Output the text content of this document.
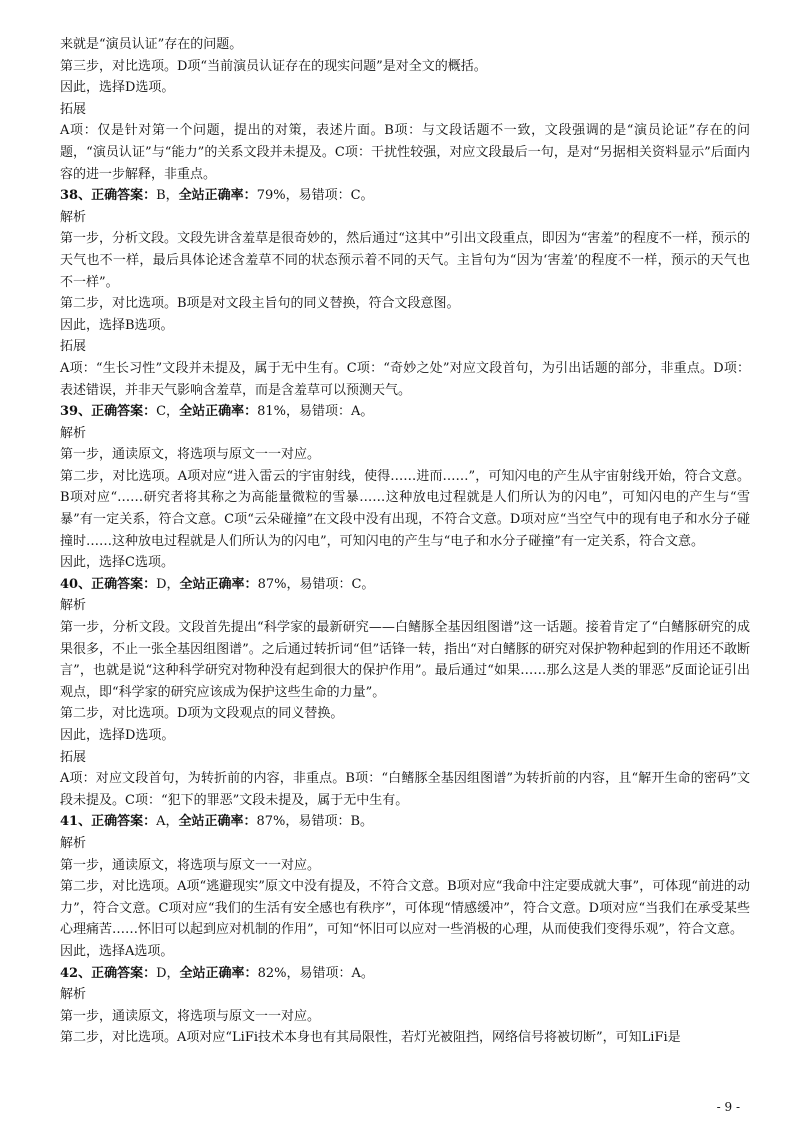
来就是“演员认证”存在的问题。
第三步，对比选项。D项“当前演员认证存在的现实问题”是对全文的概括。
因此，选择D选项。
拓展
A项：仅是针对第一个问题，提出的对策，表述片面。B项：与文段话题不一致，文段强调的是“演员论证”存在的问题，“演员认证”与“能力”的关系文段并未提及。C项：干扰性较强，对应文段最后一句，是对“另据相关资料显示”后面内容的进一步解释，非重点。
38、正确答案：B，全站正确率：79%，易错项：C。
解析
第一步，分析文段。文段先讲含羞草是很奇妙的，然后通过“这其中”引出文段重点，即因为“害羞”的程度不一样，预示的天气也不一样，最后具体论述含羞草不同的状态预示着不同的天气。主旨句为“因为‘害羞’的程度不一样，预示的天气也不一样”。
第二步，对比选项。B项是对文段主旨句的同义替换，符合文段意图。
因此，选择B选项。
拓展
A项：“生长习性”文段并未提及，属于无中生有。C项：“奇妙之处”对应文段首句，为引出话题的部分，非重点。D项：表述错误，并非天气影响含羞草，而是含羞草可以预测天气。
39、正确答案：C，全站正确率：81%，易错项：A。
解析
第一步，通读原文，将选项与原文一一对应。
第二步，对比选项。A项对应“进入雷云的宇宙射线，使得……进而……”，可知闪电的产生从宇宙射线开始，符合文意。B项对应“……研究者将其称之为高能量微粒的雪暴……这种放电过程就是人们所认为的闪电”，可知闪电的产生与“雪暴”有一定关系，符合文意。C项“云朵碰撞”在文段中没有出现，不符合文意。D项对应“当空气中的现有电子和水分子碰撞时……这种放电过程就是人们所认为的闪电”，可知闪电的产生与“电子和水分子碰撞”有一定关系，符合文意。
因此，选择C选项。
40、正确答案：D，全站正确率：87%，易错项：C。
解析
第一步，分析文段。文段首先提出“科学家的最新研究——白鳍豚全基因组图谱”这一话题。接着肯定了“白鳍豚研究的成果很多，不止一张全基因组图谱”。之后通过转折词“但”话锋一转，指出“对白鳍豚的研究对保护物种起到的作用还不敢断言”，也就是说“这种科学研究对物种没有起到很大的保护作用”。最后通过“如果……那么这是人类的罪恶”反面论证引出观点，即“科学家的研究应该成为保护这些生命的力量”。
第二步，对比选项。D项为文段观点的同义替换。
因此，选择D选项。
拓展
A项：对应文段首句，为转折前的内容，非重点。B项：“白鳍豚全基因组图谱”为转折前的内容，且“解开生命的密码”文段未提及。C项：“犯下的罪恶”文段未提及，属于无中生有。
41、正确答案：A，全站正确率：87%，易错项：B。
解析
第一步，通读原文，将选项与原文一一对应。
第二步，对比选项。A项“逃避现实”原文中没有提及，不符合文意。B项对应“我命中注定要成就大事”，可体现“前进的动力”，符合文意。C项对应“我们的生活有安全感也有秩序”，可体现“情感缓冲”，符合文意。D项对应“当我们在承受某些心理痛苦……怀旧可以起到应对机制的作用”，可知“怀旧可以应对一些消极的心理，从而使我们变得乐观”，符合文意。
因此，选择A选项。
42、正确答案：D，全站正确率：82%，易错项：A。
解析
第一步，通读原文，将选项与原文一一对应。
第二步，对比选项。A项对应“LiFi技术本身也有其局限性，若灯光被阻挡，网络信号将被切断”，可知LiFi是
- 9 -
